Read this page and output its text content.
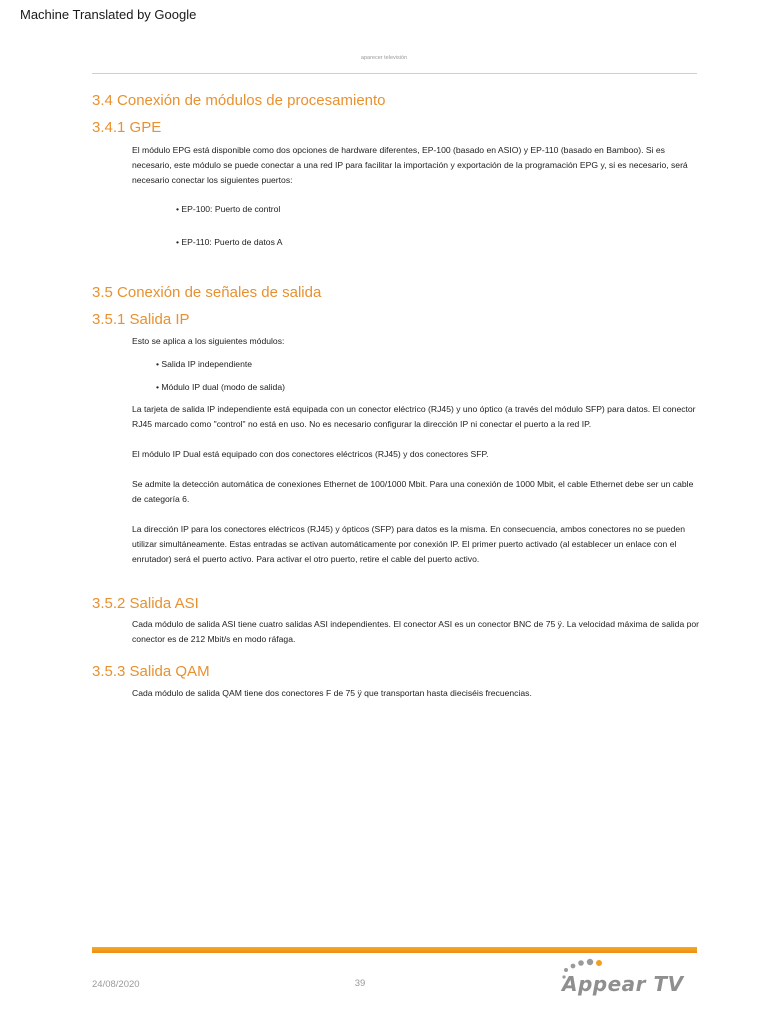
Machine Translated by Google
aparecer televisión
3.4 Conexión de módulos de procesamiento
3.4.1 GPE

El módulo EPG está disponible como dos opciones de hardware diferentes, EP-100 (basado en ASIO) y EP-110 (basado en Bamboo). Si es necesario, este módulo se puede conectar a una red IP para facilitar la importación y exportación de la programación EPG y, si es necesario, será necesario conectar los siguientes puertos:

• EP-100: Puerto de control

• EP-110: Puerto de datos A

3.5 Conexión de señales de salida
3.5.1 Salida IP

Esto se aplica a los siguientes módulos:

• Salida IP independiente

• Módulo IP dual (modo de salida)

La tarjeta de salida IP independiente está equipada con un conector eléctrico (RJ45) y uno óptico (a través del módulo SFP) para datos. El conector RJ45 marcado como "control" no está en uso. No es necesario configurar la dirección IP ni conectar el puerto a la red IP.

El módulo IP Dual está equipado con dos conectores eléctricos (RJ45) y dos conectores SFP.

Se admite la detección automática de conexiones Ethernet de 100/1000 Mbit. Para una conexión de 1000 Mbit, el cable Ethernet debe ser un cable de categoría 6.

La dirección IP para los conectores eléctricos (RJ45) y ópticos (SFP) para datos es la misma. En consecuencia, ambos conectores no se pueden utilizar simultáneamente. Estas entradas se activan automáticamente por conexión IP. El primer puerto activado (al establecer un enlace con el enrutador) será el puerto activo. Para activar el otro puerto, retire el cable del puerto activo.

3.5.2 Salida ASI

Cada módulo de salida ASI tiene cuatro salidas ASI independientes. El conector ASI es un conector BNC de 75 ÿ. La velocidad máxima de salida por conector es de 212 Mbit/s en modo ráfaga.

3.5.3 Salida QAM

Cada módulo de salida QAM tiene dos conectores F de 75 ÿ que transportan hasta dieciséis frecuencias.

24/08/2020	39	Appear TV
